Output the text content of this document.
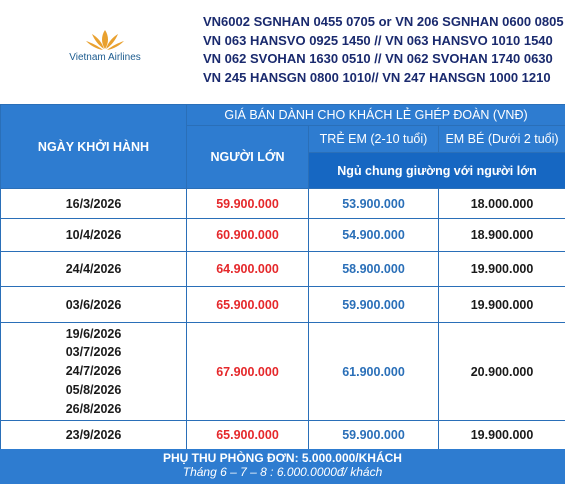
Vietnam Airlines
VN6002 SGNHAN 0455 0705 or VN 206 SGNHAN 0600 0805
VN 063 HANSVO 0925 1450 // VN 063 HANSVO 1010 1540
VN 062 SVOHAN 1630 0510 // VN 062 SVOHAN 1740 0630
VN 245 HANSGN 0800 1010// VN 247 HANSGN 1000 1210
NGÀY KHỞI HÀNH	GIÁ BÁN DÀNH CHO KHÁCH LẺ GHÉP ĐOÀN (VNĐ)		
	NGƯỜI LỚN	TRẺ EM (2-10 tuổi)	EM BÉ (Dưới 2 tuổi)
		Ngủ chung giường với người lớn	
16/3/2026	59.900.000	53.900.000	18.000.000
10/4/2026	60.900.000	54.900.000	18.900.000
24/4/2026	64.900.000	58.900.000	19.900.000
03/6/2026	65.900.000	59.900.000	19.900.000

19/6/2026
03/7/2026
24/7/2026
05/8/2026
26/8/2026	67.900.000	61.900.000	20.900.000
23/9/2026	65.900.000	59.900.000	19.900.000
PHỤ THU PHÒNG ĐƠN: 5.000.000/KHÁCH
Tháng 6 – 7 – 8 : 6.000.0000đ/ khách
